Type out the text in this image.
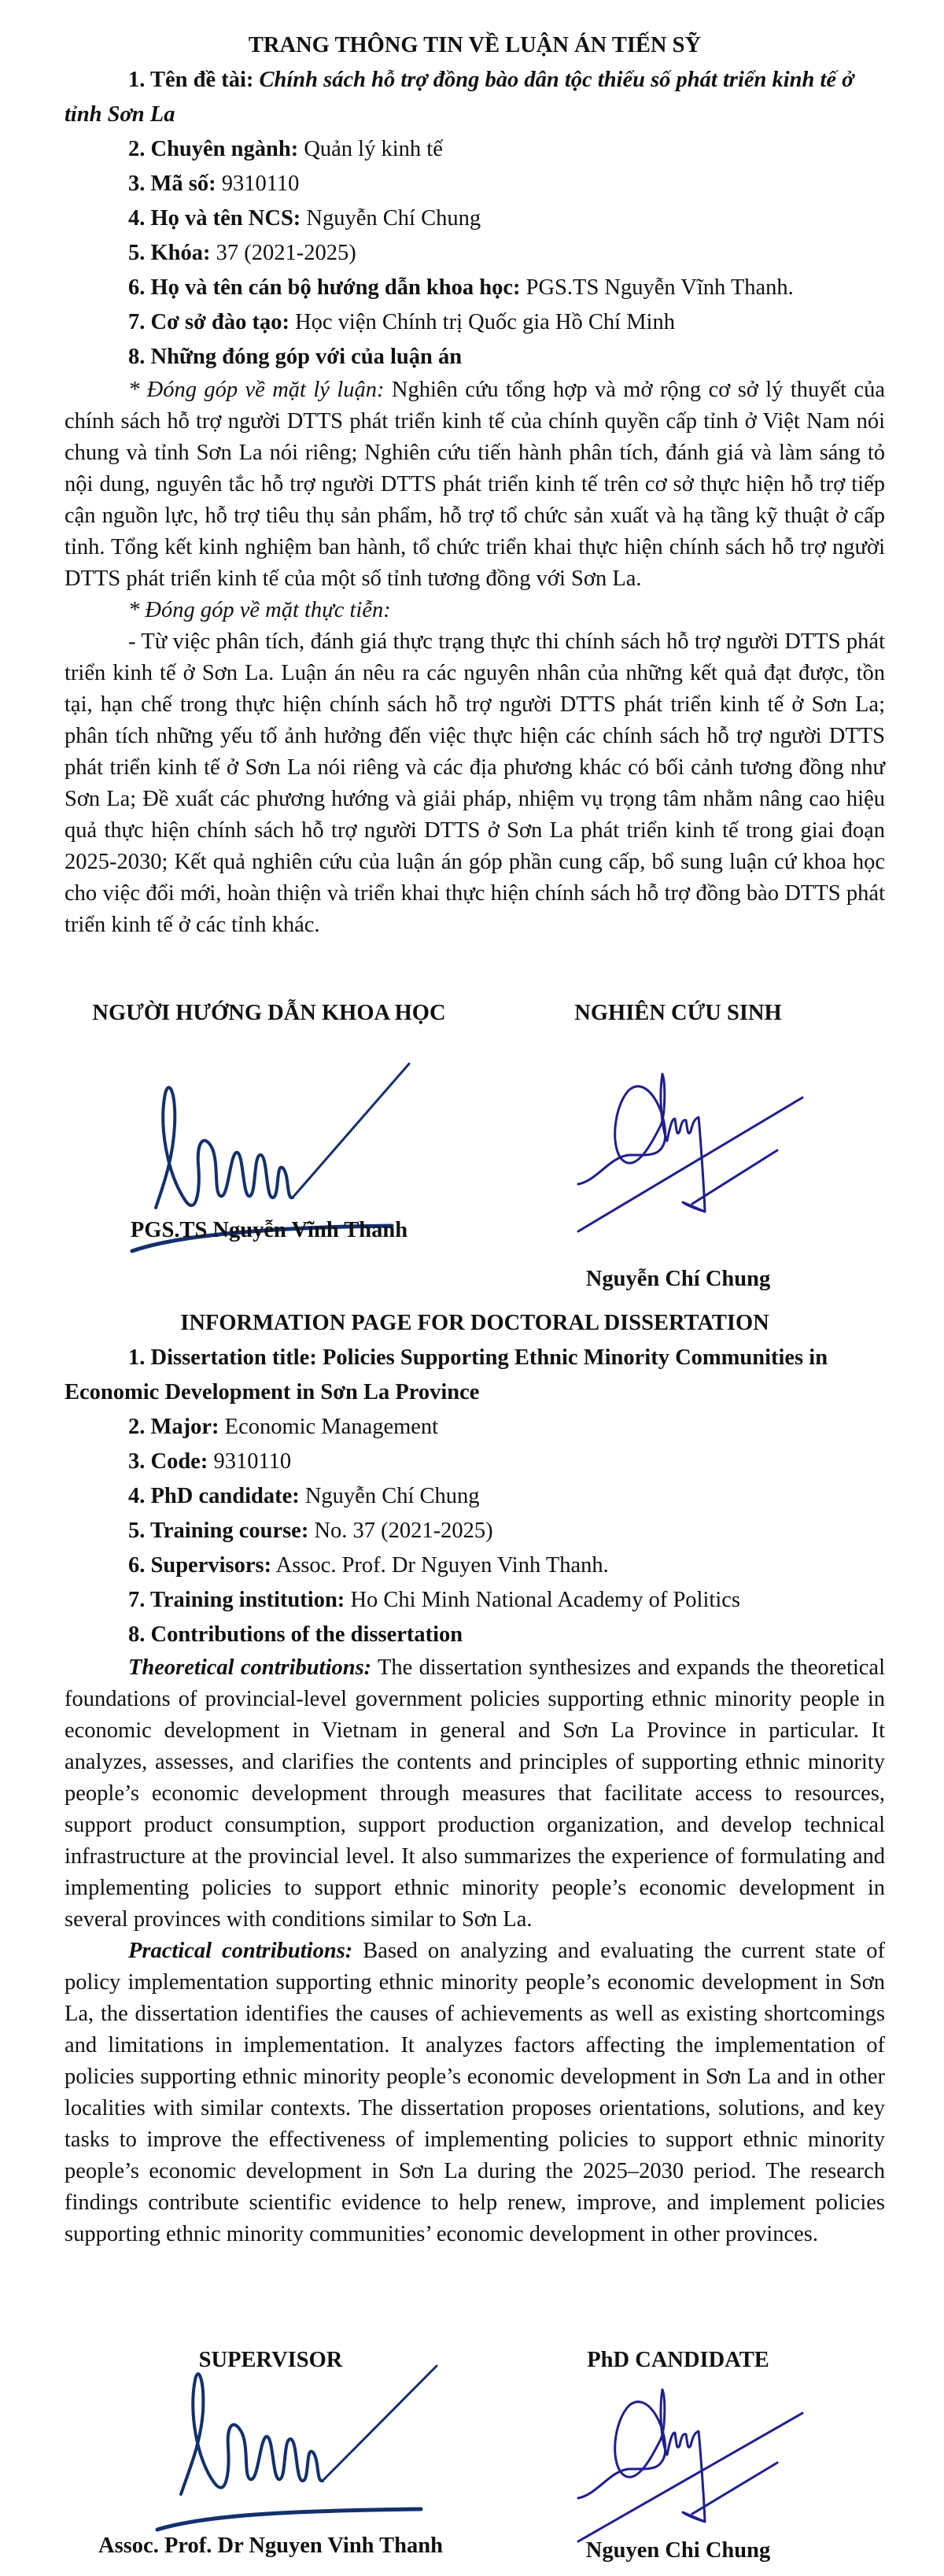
TRANG THÔNG TIN VỀ LUẬN ÁN TIẾN SỸ

1. Tên đề tài: Chính sách hỗ trợ đồng bào dân tộc thiểu số phát triển kinh tế ở tỉnh Sơn La

2. Chuyên ngành: Quản lý kinh tế

3. Mã số: 9310110

4. Họ và tên NCS: Nguyễn Chí Chung

5. Khóa: 37 (2021-2025)

6. Họ và tên cán bộ hướng dẫn khoa học: PGS.TS Nguyễn Vĩnh Thanh.

7. Cơ sở đào tạo: Học viện Chính trị Quốc gia Hồ Chí Minh

8. Những đóng góp với của luận án

* Đóng góp về mặt lý luận: Nghiên cứu tổng hợp và mở rộng cơ sở lý thuyết của chính sách hỗ trợ người DTTS phát triển kinh tế của chính quyền cấp tỉnh ở Việt Nam nói chung và tỉnh Sơn La nói riêng; Nghiên cứu tiến hành phân tích, đánh giá và làm sáng tỏ nội dung, nguyên tắc hỗ trợ người DTTS phát triển kinh tế trên cơ sở thực hiện hỗ trợ tiếp cận nguồn lực, hỗ trợ tiêu thụ sản phẩm, hỗ trợ tổ chức sản xuất và hạ tầng kỹ thuật ở cấp tỉnh. Tổng kết kinh nghiệm ban hành, tổ chức triển khai thực hiện chính sách hỗ trợ người DTTS phát triển kinh tế của một số tỉnh tương đồng với Sơn La.

* Đóng góp về mặt thực tiễn:

- Từ việc phân tích, đánh giá thực trạng thực thi chính sách hỗ trợ người DTTS phát triển kinh tế ở Sơn La. Luận án nêu ra các nguyên nhân của những kết quả đạt được, tồn tại, hạn chế trong thực hiện chính sách hỗ trợ người DTTS phát triển kinh tế ở Sơn La; phân tích những yếu tố ảnh hưởng đến việc thực hiện các chính sách hỗ trợ người DTTS phát triển kinh tế ở Sơn La nói riêng và các địa phương khác có bối cảnh tương đồng như Sơn La; Đề xuất các phương hướng và giải pháp, nhiệm vụ trọng tâm nhằm nâng cao hiệu quả thực hiện chính sách hỗ trợ người DTTS ở Sơn La phát triển kinh tế trong giai đoạn 2025-2030; Kết quả nghiên cứu của luận án góp phần cung cấp, bổ sung luận cứ khoa học cho việc đổi mới, hoàn thiện và triển khai thực hiện chính sách hỗ trợ đồng bào DTTS phát triển kinh tế ở các tỉnh khác.

NGƯỜI HƯỚNG DẪN KHOA HỌC
PGS.TS Nguyễn Vĩnh Thanh
NGHIÊN CỨU SINH
Nguyễn Chí Chung

INFORMATION PAGE FOR DOCTORAL DISSERTATION

1. Dissertation title: Policies Supporting Ethnic Minority Communities in Economic Development in Sơn La Province

2. Major: Economic Management

3. Code: 9310110

4. PhD candidate: Nguyễn Chí Chung

5. Training course: No. 37 (2021-2025)

6. Supervisors: Assoc. Prof. Dr Nguyen Vinh Thanh.

7. Training institution: Ho Chi Minh National Academy of Politics

8. Contributions of the dissertation

Theoretical contributions: The dissertation synthesizes and expands the theoretical foundations of provincial-level government policies supporting ethnic minority people in economic development in Vietnam in general and Sơn La Province in particular. It analyzes, assesses, and clarifies the contents and principles of supporting ethnic minority people’s economic development through measures that facilitate access to resources, support product consumption, support production organization, and develop technical infrastructure at the provincial level. It also summarizes the experience of formulating and implementing policies to support ethnic minority people’s economic development in several provinces with conditions similar to Sơn La.

Practical contributions: Based on analyzing and evaluating the current state of policy implementation supporting ethnic minority people’s economic development in Sơn La, the dissertation identifies the causes of achievements as well as existing shortcomings and limitations in implementation. It analyzes factors affecting the implementation of policies supporting ethnic minority people’s economic development in Sơn La and in other localities with similar contexts. The dissertation proposes orientations, solutions, and key tasks to improve the effectiveness of implementing policies to support ethnic minority people’s economic development in Sơn La during the 2025–2030 period. The research findings contribute scientific evidence to help renew, improve, and implement policies supporting ethnic minority communities’ economic development in other provinces.

SUPERVISOR
Assoc. Prof. Dr Nguyen Vinh Thanh
PhD CANDIDATE
Nguyen Chi Chung
